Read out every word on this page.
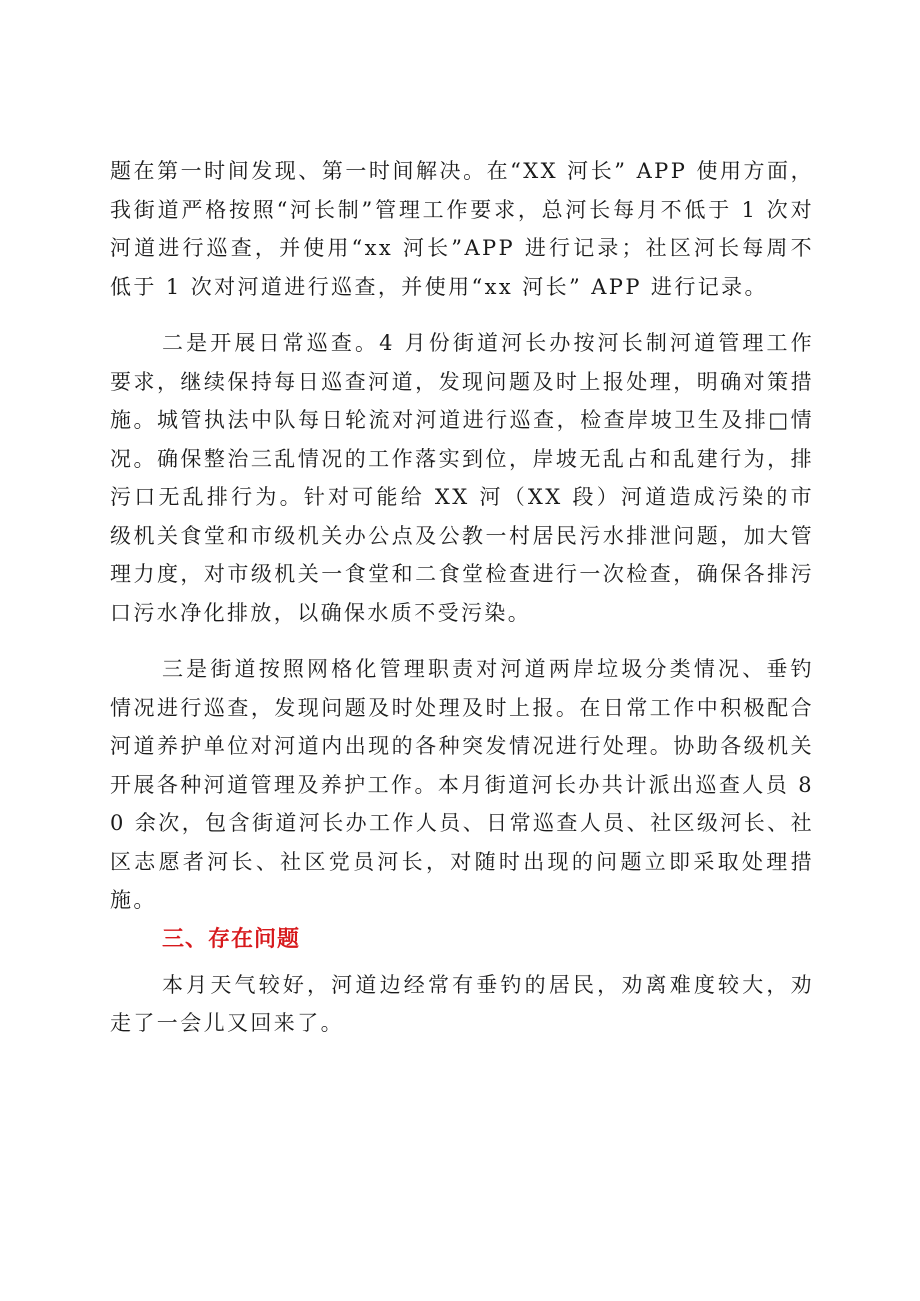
题在第一时间发现、第一时间解决。在“XX 河长” APP 使用方面，我街道严格按照“河长制”管理工作要求，总河长每月不低于 1 次对河道进行巡查，并使用“xx 河长”APP 进行记录；社区河长每周不低于 1 次对河道进行巡查，并使用“xx 河长” APP 进行记录。

二是开展日常巡查。4 月份街道河长办按河长制河道管理工作要求，继续保持每日巡查河道，发现问题及时上报处理，明确对策措施。城管执法中队每日轮流对河道进行巡查，检查岸坡卫生及排□情况。确保整治三乱情况的工作落实到位，岸坡无乱占和乱建行为，排污口无乱排行为。针对可能给 XX 河（XX 段）河道造成污染的市级机关食堂和市级机关办公点及公教一村居民污水排泄问题，加大管理力度，对市级机关一食堂和二食堂检查进行一次检查，确保各排污口污水净化排放，以确保水质不受污染。

三是街道按照网格化管理职责对河道两岸垃圾分类情况、垂钓情况进行巡查，发现问题及时处理及时上报。在日常工作中积极配合河道养护单位对河道内出现的各种突发情况进行处理。协助各级机关开展各种河道管理及养护工作。本月街道河长办共计派出巡查人员 80 余次，包含街道河长办工作人员、日常巡查人员、社区级河长、社区志愿者河长、社区党员河长，对随时出现的问题立即采取处理措施。

三、存在问题

本月天气较好，河道边经常有垂钓的居民，劝离难度较大，劝走了一会儿又回来了。
